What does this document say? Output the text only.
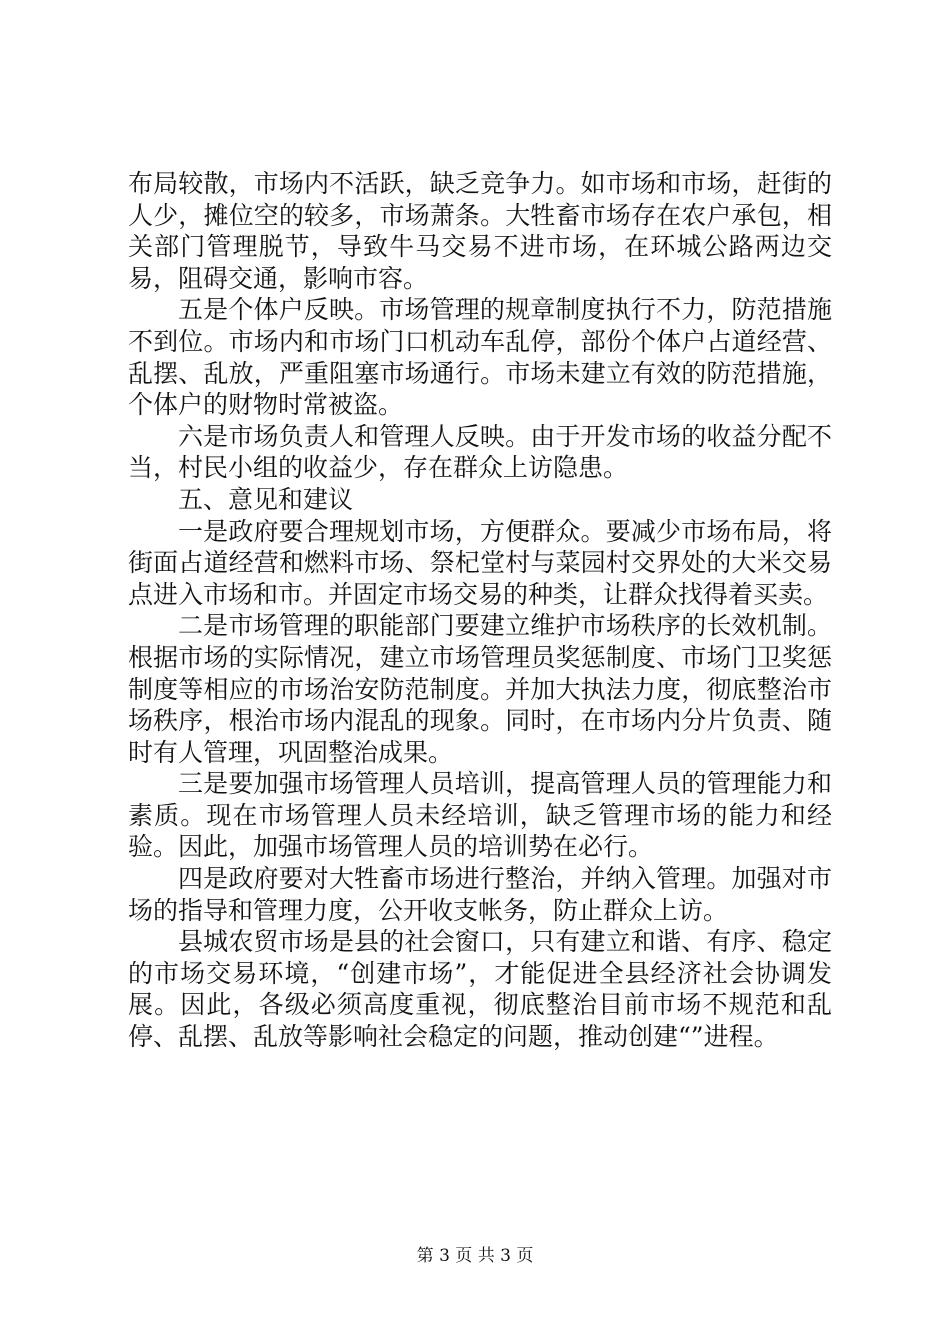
布局较散，市场内不活跃，缺乏竞争力。如市场和市场，赶街的人少，摊位空的较多，市场萧条。大牲畜市场存在农户承包，相关部门管理脱节，导致牛马交易不进市场，在环城公路两边交易，阻碍交通，影响市容。

五是个体户反映。市场管理的规章制度执行不力，防范措施不到位。市场内和市场门口机动车乱停，部份个体户占道经营、乱摆、乱放，严重阻塞市场通行。市场未建立有效的防范措施，个体户的财物时常被盗。

六是市场负责人和管理人反映。由于开发市场的收益分配不当，村民小组的收益少，存在群众上访隐患。

五、意见和建议

一是政府要合理规划市场，方便群众。要减少市场布局，将街面占道经营和燃料市场、祭杞堂村与菜园村交界处的大米交易点进入市场和市。并固定市场交易的种类，让群众找得着买卖。

二是市场管理的职能部门要建立维护市场秩序的长效机制。根据市场的实际情况，建立市场管理员奖惩制度、市场门卫奖惩制度等相应的市场治安防范制度。并加大执法力度，彻底整治市场秩序，根治市场内混乱的现象。同时，在市场内分片负责、随时有人管理，巩固整治成果。

三是要加强市场管理人员培训，提高管理人员的管理能力和素质。现在市场管理人员未经培训，缺乏管理市场的能力和经验。因此，加强市场管理人员的培训势在必行。

四是政府要对大牲畜市场进行整治，并纳入管理。加强对市场的指导和管理力度，公开收支帐务，防止群众上访。

县城农贸市场是县的社会窗口，只有建立和谐、有序、稳定的市场交易环境，“创建市场”，才能促进全县经济社会协调发展。因此，各级必须高度重视，彻底整治目前市场不规范和乱停、乱摆、乱放等影响社会稳定的问题，推动创建“”进程。

第 3 页 共 3 页
